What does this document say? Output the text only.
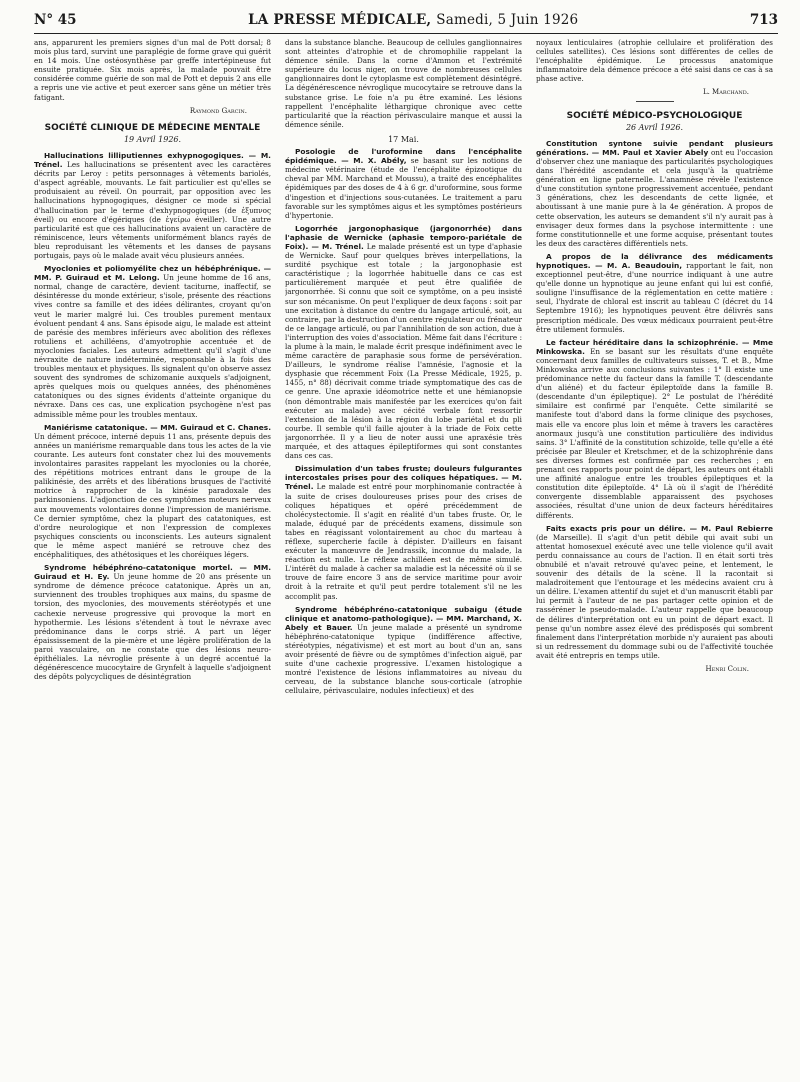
N° 45	LA PRESSE MÉDICALE, Samedi, 5 Juin 1926	713

ans, apparurent les premiers signes d'un mal de Pott dorsal; 8 mois plus tard, survint une paraplégie de forme grave qui guérit en 14 mois. Une ostéosynthèse par greffe intertépineuse fut ensuite pratiquée. Six mois après, la malade pouvait être considérée comme guérie de son mal de Pott et depuis 2 ans elle a repris une vie active et peut exercer sans gêne un métier très fatigant.

Raymond Garcin.
SOCIÉTÉ CLINIQUE DE MÉDECINE MENTALE
19 Avril 1926.

Hallucinations lilliputiennes exhypnogogiques. — M. Trénel. Les hallucinations se présentent avec les caractères décrits par Leroy : petits personnages à vêtements bariolés, d'aspect agréable, mouvants. Le fait particulier est qu'elles se produisaient au réveil. On pourrait, par opposition avec les hallucinations hypnogogiques, désigner ce mode si spécial d'hallucination par le terme d'exhypnogogiques (de ἐξυπνος éveil) ou encore d'égériques (de ἐγείρω éveiller). Une autre particularité est que ces hallucinations avaient un caractère de réminiscence, leurs vêtements uniformément blancs rayés de bleu reproduisant les vêtements et les danses de paysans portugais, pays où le malade avait vécu plusieurs années.

Myoclonies et poliomyélite chez un hébéphrénique. — MM. P. Guiraud et M. Lelong. Un jeune homme de 16 ans, normal, change de caractère, devient taciturne, inaffectif, se désintéresse du monde extérieur, s'isole, présente des réactions vives contre sa famille et des idées délirantes, croyant qu'on veut le marier malgré lui. Ces troubles purement mentaux évoluent pendant 4 ans. Sans épisode aigu, le malade est atteint de parésie des membres inférieurs avec abolition des réflexes rotuliens et achilléens, d'amyotrophie accentuée et de myoclonies faciales. Les auteurs admettent qu'il s'agit d'une névraxite de nature indéterminée, responsable à la fois des troubles mentaux et physiques. Ils signalent qu'on observe assez souvent des syndromes de schizomanie auxquels s'adjoignent, après quelques mois ou quelques années, des phénomènes catatoniques ou des signes évidents d'atteinte organique du névraxe. Dans ces cas, une explication psychogène n'est pas admissible même pour les troubles mentaux.

Maniérisme catatonique. — MM. Guiraud et C. Chanes. Un dément précoce, interné depuis 11 ans, présente depuis des années un maniérisme remarquable dans tous les actes de la vie courante. Les auteurs font constater chez lui des mouvements involontaires parasites rappelant les myoclonies ou la chorée, des répétitions motrices entrant dans le groupe de la palikinésie, des arrêts et des libérations brusques de l'activité motrice à rapprocher de la kinésie paradoxale des parkinsoniens. L'adjonction de ces symptômes moteurs nerveux aux mouvements volontaires donne l'impression de maniérisme. Ce dernier symptôme, chez la plupart des catatoniques, est d'ordre neurologique et non l'expression de complexes psychiques conscients ou inconscients. Les auteurs signalent que le même aspect maniéré se retrouve chez des encéphalitiques, des athétosiques et les choréiques légers.

Syndrome hébéphréno-catatonique mortel. — MM. Guiraud et H. Ey. Un jeune homme de 20 ans présente un syndrome de démence précoce catatonique. Après un an, surviennent des troubles trophiques aux mains, du spasme de torsion, des myoclonies, des mouvements stéréotypés et une cachexie nerveuse progressive qui provoque la mort en hypothermie. Les lésions s'étendent à tout le névraxe avec prédominance dans le corps strié. A part un léger épaississement de la pie-mère et une légère prolifération de la paroi vasculaire, on ne constate que des lésions neuro-épithéliales. La névroglie présente à un degré accentué la dégénérescence mucocytaire de Grynfelt à laquelle s'adjoignent des dépôts polycycliques de désintégration

dans la substance blanche. Beaucoup de cellules ganglionnaires sont atteintes d'atrophie et de chromophilie rappelant la démence sénile. Dans la corne d'Ammon et l'extrémité supérieure du locus niger, on trouve de nombreuses cellules ganglionnaires dont le cytoplasme est complètement désintégré. La dégénérescence névroglique mucocytaire se retrouve dans la substance grise. Le foie n'a pu être examiné. Les lésions rappellent l'encéphalite léthargique chronique avec cette particularité que la réaction périvasculaire manque et aussi la démence sénile.

17 Mai.

Posologie de l'uroformine dans l'encéphalite épidémique. — M. X. Abély, se basant sur les notions de médecine vétérinaire (étude de l'encéphalite épizootique du cheval par MM. Marchand et Moussu), a traité des encéphalites épidémiques par des doses de 4 à 6 gr. d'uroformine, sous forme d'ingestion et d'injections sous-cutanées. Le traitement a paru favorable sur les symptômes aigus et les symptômes postérieurs d'hypertonie.

Logorrhée jargonophasique (jargonorrhée) dans l'aphasie de Wernicke (aphasie temporo-pariétale de Foix). — M. Trénel. Le malade présenté est un type d'aphasie de Wernicke. Sauf pour quelques brèves interpellations, la surdité psychique est totale ; la jargonophasie est caractéristique ; la logorrhée habituelle dans ce cas est particulièrement marquée et peut être qualifiée de jargonorrhée. Si connu que soit ce symptôme, on a peu insisté sur son mécanisme. On peut l'expliquer de deux façons : soit par une excitation à distance du centre du langage articulé, soit, au contraire, par la destruction d'un centre régulateur ou frénateur de ce langage articulé, ou par l'annihilation de son action, due à l'interruption des voies d'association. Même fait dans l'écriture : la plume à la main, le malade écrit presque indéfiniment avec le même caractère de paraphasie sous forme de persévération. D'ailleurs, le syndrome réalise l'amnésie, l'agnosie et la dysphasie que récemment Foix (La Presse Médicale, 1925, p. 1455, n° 88) décrivait comme triade symptomatique des cas de ce genre. Une apraxie idéomotrice nette et une hémianopsie (non démontrable mais manifestée par les exercices qu'on fait exécuter au malade) avec cécité verbale font ressortir l'extension de la lésion à la région du lobe pariétal et du pli courbe. Il semble qu'il faille ajouter à la triade de Foix cette jargonorrhée. Il y a lieu de noter aussi une apraxésie très marquée, et des attaques épileptiformes qui sont constantes dans ces cas.

Dissimulation d'un tabes fruste; douleurs fulgurantes intercostales prises pour des coliques hépatiques. — M. Trénel. Le malade est entré pour morphinomanie contractée à la suite de crises douloureuses prises pour des crises de coliques hépatiques et opéré précédemment de cholécystectomie. Il s'agit en réalité d'un tabes fruste. Or, le malade, éduqué par de précédents examens, dissimule son tabes en réagissant volontairement au choc du marteau à réflexe, supercherie facile à dépister. D'ailleurs en faisant exécuter la manœuvre de Jendrassik, inconnue du malade, la réaction est nulle. Le réflexe achilléen est de même simulé. L'intérêt du malade à cacher sa maladie est la nécessité où il se trouve de faire encore 3 ans de service maritime pour avoir droit à la retraite et qu'il peut perdre totalement s'il ne les accomplit pas.

Syndrome hébéphréno-catatonique subaigu (étude clinique et anatomo-pathologique). — MM. Marchand, X. Abely et Bauer. Un jeune malade a présenté un syndrome hébéphréno-catatonique typique (indifférence affective, stéréotypies, négativisme) et est mort au bout d'un an, sans avoir présenté de fièvre ou de symptômes d'infection aiguë, par suite d'une cachexie progressive. L'examen histologique a montré l'existence de lésions inflammatoires au niveau du cerveau, de la substance blanche sous-corticale (atrophie cellulaire, périvasculaire, nodules infectieux) et des

noyaux lenticulaires (atrophie cellulaire et prolifération des cellules satellites). Ces lésions sont différentes de celles de l'encéphalite épidémique. Le processus anatomique inflammatoire dela démence précoce a été saisi dans ce cas à sa phase active.

L. Marchand.
SOCIÉTÉ MÉDICO-PSYCHOLOGIQUE
26 Avril 1926.

Constitution syntone suivie pendant plusieurs générations. — MM. Paul et Xavier Abely ont eu l'occasion d'observer chez une maniaque des particularités psychologiques dans l'hérédité ascendante et cela jusqu'à la quatrième génération en ligne paternelle. L'anamnèse révèle l'existence d'une constitution syntone progressivement accentuée, pendant 3 générations, chez les descendants de cette lignée, et aboutissant à une manie pure à la 4e génération. A propos de cette observation, les auteurs se demandent s'il n'y aurait pas à envisager deux formes dans la psychose intermittente : une forme constitutionnelle et une forme acquise, présentant toutes les deux des caractères différentiels nets.

A propos de la délivrance des médicaments hypnotiques. — M. A. Beaudouin, rapportant le fait, non exceptionnel peut-être, d'une nourrice indiquant à une autre qu'elle donne un hypnotique au jeune enfant qui lui est confié, souligne l'insuffisance de la réglementation en cette matière : seul, l'hydrate de chloral est inscrit au tableau C (décret du 14 Septembre 1916); les hypnotiques peuvent être délivrés sans prescription médicale. Des vœux médicaux pourraient peut-être être utilement formulés.

Le facteur héréditaire dans la schizophrénie. — Mme Minkowska. En se basant sur les résultats d'une enquête concernant deux familles de cultivateurs suisses, T. et B., Mme Minkowska arrive aux conclusions suivantes : 1° Il existe une prédominance nette du facteur dans la famille T. (descendante d'un aliéné) et du facteur épileptoïde dans la famille B. (descendante d'un épileptique). 2° Le postulat de l'hérédité similaire est confirmé par l'enquête. Cette similarité se manifeste tout d'abord dans la forme clinique des psychoses, mais elle va encore plus loin et même à travers les caractères anormaux jusqu'à une constitution particulière des individus sains. 3° L'affinité de la constitution schizoïde, telle qu'elle a été précisée par Bleuler et Kretschmer, et de la schizophrénie dans ses diverses formes est confirmée par ces recherches ; en prenant ces rapports pour point de départ, les auteurs ont établi une affinité analogue entre les troubles épileptiques et la constitution dite épileptoïde. 4° Là où il s'agit de l'hérédité convergente dissemblable apparaissent des psychoses associées, résultat d'une union de deux facteurs héréditaires différents.

Faits exacts pris pour un délire. — M. Paul Rebierre (de Marseille). Il s'agit d'un petit débile qui avait subi un attentat homosexuel exécuté avec une telle violence qu'il avait perdu connaissance au cours de l'action. Il en était sorti très obnubilé et n'avait retrouvé qu'avec peine, et lentement, le souvenir des détails de la scène. Il la racontait si maladroitement que l'entourage et les médecins avaient cru à un délire. L'examen attentif du sujet et d'un manuscrit établi par lui permit à l'auteur de ne pas partager cette opinion et de rasséréner le pseudo-malade. L'auteur rappelle que beaucoup de délires d'interprétation ont eu un point de départ exact. Il pense qu'un nombre assez élevé des prédisposés qui sombrent finalement dans l'interprétation morbide n'y auraient pas abouti si un redressement du dommage subi ou de l'affectivité touchée avait été entrepris en temps utile.

Henri Colin.
